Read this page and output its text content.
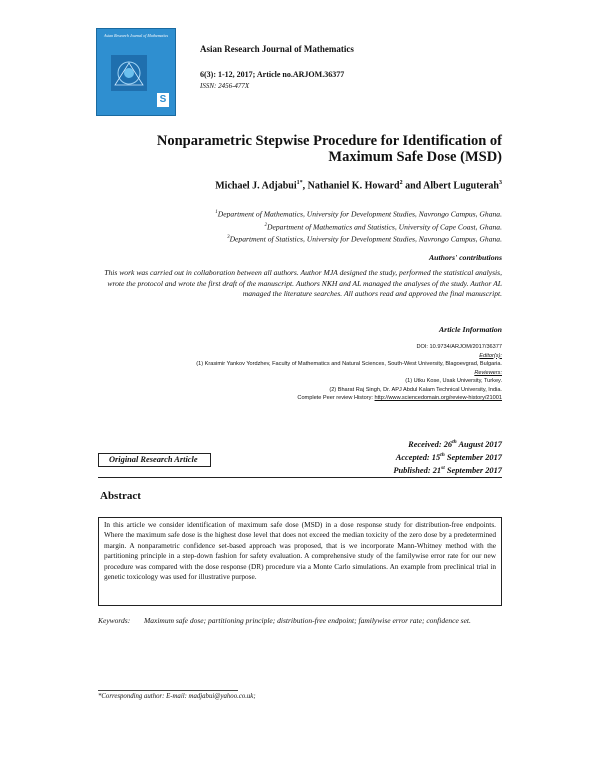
Asian Research Journal of Mathematics
S
Asian Research Journal of Mathematics
6(3): 1-12, 2017; Article no.ARJOM.36377
ISSN: 2456-477X
Nonparametric Stepwise Procedure for Identification of
Maximum Safe Dose (MSD)
Michael J. Adjabui$^{1*}$, Nathaniel K. Howard$^2$ and Albert Luguterah$^3$
$^1$Department of Mathematics, University for Development Studies, Navrongo Campus, Ghana.
$^2$Department of Mathematics and Statistics, University of Cape Coast, Ghana.
$^3$Department of Statistics, University for Development Studies, Navrongo Campus, Ghana.
Authors' contributions
This work was carried out in collaboration between all authors. Author MJA designed the study, performed the statistical analysis, wrote the protocol and wrote the first draft of the manuscript. Authors NKH and AL managed the analyses of the study. Author AL managed the literature searches. All authors read and approved the final manuscript.
Article Information
DOI: 10.9734/ARJOM/2017/36377
Editor(s):
(1) Krasimir Yankov Yordzhev, Faculty of Mathematics and Natural Sciences, South-West University, Blagoevgrad, Bulgaria.
Reviewers:
(1) Utku Kose, Usak University, Turkey.
(2) Bharat Raj Singh, Dr. APJ Abdul Kalam Technical University, India.
Complete Peer review History: http://www.sciencedomain.org/review-history/21001
Received: 26th August 2017
Accepted: 15th September 2017
Published: 21st September 2017
Original Research Article
Abstract
In this article we consider identification of maximum safe dose (MSD) in a dose response study for distribution-free endpoints. Where the maximum safe dose is the highest dose level that does not exceed the median toxicity of the zero dose by a predetermined margin. A nonparametric confidence set-based approach was proposed, that is we incorporate Mann-Whitney method with the partitioning principle in a step-down fashion for safety evaluation. A comprehensive study of the familywise error rate for our new procedure was compared with the dose response (DR) procedure via a Monte Carlo simulations. An example from preclinical trial in genetic toxicology was used for illustrative purpose.
Keywords: Maximum safe dose; partitioning principle; distribution-free endpoint; familywise error rate; confidence set.
*Corresponding author: E-mail: madjabui@yahoo.co.uk;
